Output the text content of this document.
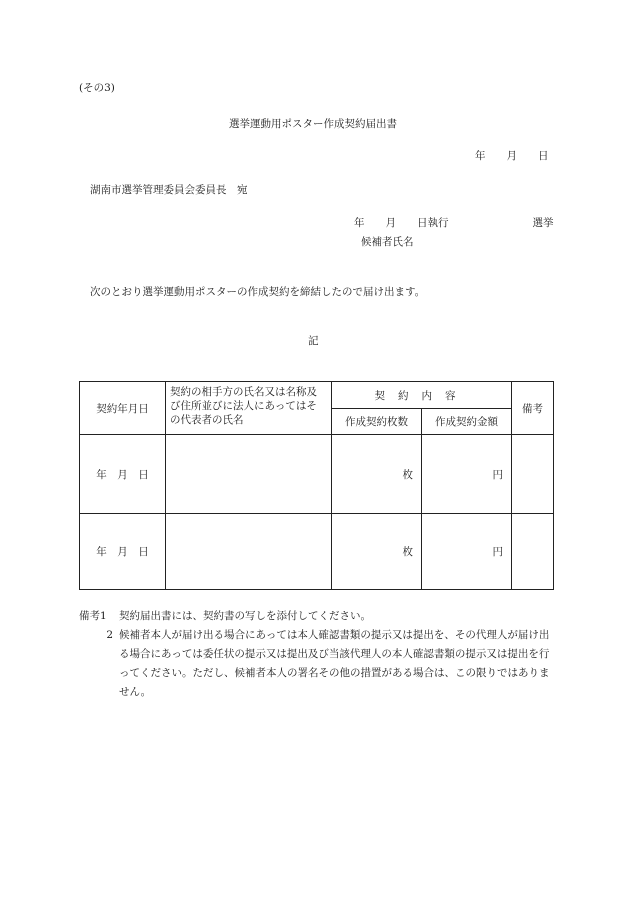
(その3)
選挙運動用ポスター作成契約届出書
年　　月　　日
湖南市選挙管理委員会委員長　宛
年　　月　　日執行　　　　　　　　選挙
候補者氏名
次のとおり選挙運動用ポスターの作成契約を締結したので届け出ます。
記
契約年月日	契約の相手方の氏名又は名称及び住所並びに法人にあってはその代表者の氏名	契約内容		備考
		作成契約枚数	作成契約金額	
年　月　日		枚	円	
年　月　日		枚	円	
備考1	契約届出書には、契約書の写しを添付してください。
2 候補者本人が届け出る場合にあっては本人確認書類の提示又は提出を、その代理人が届け出る場合にあっては委任状の提示又は提出及び当該代理人の本人確認書類の提示又は提出を行ってください。ただし、候補者本人の署名その他の措置がある場合は、この限りではありません。
